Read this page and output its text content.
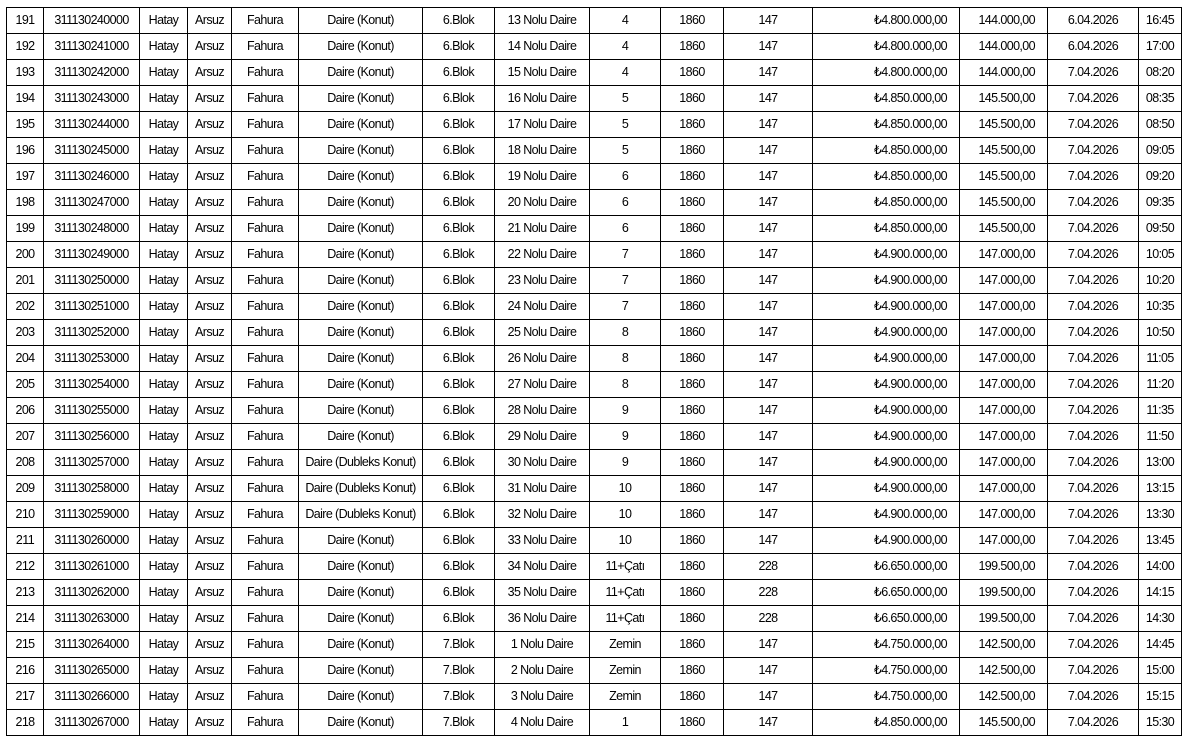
191	311130240000	Hatay	Arsuz	Fahura	Daire (Konut)	6.Blok	13 Nolu Daire	4	1860	147	₺4.800.000,00	144.000,00	6.04.2026	16:45
192	311130241000	Hatay	Arsuz	Fahura	Daire (Konut)	6.Blok	14 Nolu Daire	4	1860	147	₺4.800.000,00	144.000,00	6.04.2026	17:00
193	311130242000	Hatay	Arsuz	Fahura	Daire (Konut)	6.Blok	15 Nolu Daire	4	1860	147	₺4.800.000,00	144.000,00	7.04.2026	08:20
194	311130243000	Hatay	Arsuz	Fahura	Daire (Konut)	6.Blok	16 Nolu Daire	5	1860	147	₺4.850.000,00	145.500,00	7.04.2026	08:35
195	311130244000	Hatay	Arsuz	Fahura	Daire (Konut)	6.Blok	17 Nolu Daire	5	1860	147	₺4.850.000,00	145.500,00	7.04.2026	08:50
196	311130245000	Hatay	Arsuz	Fahura	Daire (Konut)	6.Blok	18 Nolu Daire	5	1860	147	₺4.850.000,00	145.500,00	7.04.2026	09:05
197	311130246000	Hatay	Arsuz	Fahura	Daire (Konut)	6.Blok	19 Nolu Daire	6	1860	147	₺4.850.000,00	145.500,00	7.04.2026	09:20
198	311130247000	Hatay	Arsuz	Fahura	Daire (Konut)	6.Blok	20 Nolu Daire	6	1860	147	₺4.850.000,00	145.500,00	7.04.2026	09:35
199	311130248000	Hatay	Arsuz	Fahura	Daire (Konut)	6.Blok	21 Nolu Daire	6	1860	147	₺4.850.000,00	145.500,00	7.04.2026	09:50
200	311130249000	Hatay	Arsuz	Fahura	Daire (Konut)	6.Blok	22 Nolu Daire	7	1860	147	₺4.900.000,00	147.000,00	7.04.2026	10:05
201	311130250000	Hatay	Arsuz	Fahura	Daire (Konut)	6.Blok	23 Nolu Daire	7	1860	147	₺4.900.000,00	147.000,00	7.04.2026	10:20
202	311130251000	Hatay	Arsuz	Fahura	Daire (Konut)	6.Blok	24 Nolu Daire	7	1860	147	₺4.900.000,00	147.000,00	7.04.2026	10:35
203	311130252000	Hatay	Arsuz	Fahura	Daire (Konut)	6.Blok	25 Nolu Daire	8	1860	147	₺4.900.000,00	147.000,00	7.04.2026	10:50
204	311130253000	Hatay	Arsuz	Fahura	Daire (Konut)	6.Blok	26 Nolu Daire	8	1860	147	₺4.900.000,00	147.000,00	7.04.2026	11:05
205	311130254000	Hatay	Arsuz	Fahura	Daire (Konut)	6.Blok	27 Nolu Daire	8	1860	147	₺4.900.000,00	147.000,00	7.04.2026	11:20
206	311130255000	Hatay	Arsuz	Fahura	Daire (Konut)	6.Blok	28 Nolu Daire	9	1860	147	₺4.900.000,00	147.000,00	7.04.2026	11:35
207	311130256000	Hatay	Arsuz	Fahura	Daire (Konut)	6.Blok	29 Nolu Daire	9	1860	147	₺4.900.000,00	147.000,00	7.04.2026	11:50
208	311130257000	Hatay	Arsuz	Fahura	Daire (Dubleks Konut)	6.Blok	30 Nolu Daire	9	1860	147	₺4.900.000,00	147.000,00	7.04.2026	13:00
209	311130258000	Hatay	Arsuz	Fahura	Daire (Dubleks Konut)	6.Blok	31 Nolu Daire	10	1860	147	₺4.900.000,00	147.000,00	7.04.2026	13:15
210	311130259000	Hatay	Arsuz	Fahura	Daire (Dubleks Konut)	6.Blok	32 Nolu Daire	10	1860	147	₺4.900.000,00	147.000,00	7.04.2026	13:30
211	311130260000	Hatay	Arsuz	Fahura	Daire (Konut)	6.Blok	33 Nolu Daire	10	1860	147	₺4.900.000,00	147.000,00	7.04.2026	13:45
212	311130261000	Hatay	Arsuz	Fahura	Daire (Konut)	6.Blok	34 Nolu Daire	11+Çatı	1860	228	₺6.650.000,00	199.500,00	7.04.2026	14:00
213	311130262000	Hatay	Arsuz	Fahura	Daire (Konut)	6.Blok	35 Nolu Daire	11+Çatı	1860	228	₺6.650.000,00	199.500,00	7.04.2026	14:15
214	311130263000	Hatay	Arsuz	Fahura	Daire (Konut)	6.Blok	36 Nolu Daire	11+Çatı	1860	228	₺6.650.000,00	199.500,00	7.04.2026	14:30
215	311130264000	Hatay	Arsuz	Fahura	Daire (Konut)	7.Blok	1 Nolu Daire	Zemin	1860	147	₺4.750.000,00	142.500,00	7.04.2026	14:45
216	311130265000	Hatay	Arsuz	Fahura	Daire (Konut)	7.Blok	2 Nolu Daire	Zemin	1860	147	₺4.750.000,00	142.500,00	7.04.2026	15:00
217	311130266000	Hatay	Arsuz	Fahura	Daire (Konut)	7.Blok	3 Nolu Daire	Zemin	1860	147	₺4.750.000,00	142.500,00	7.04.2026	15:15
218	311130267000	Hatay	Arsuz	Fahura	Daire (Konut)	7.Blok	4 Nolu Daire	1	1860	147	₺4.850.000,00	145.500,00	7.04.2026	15:30
